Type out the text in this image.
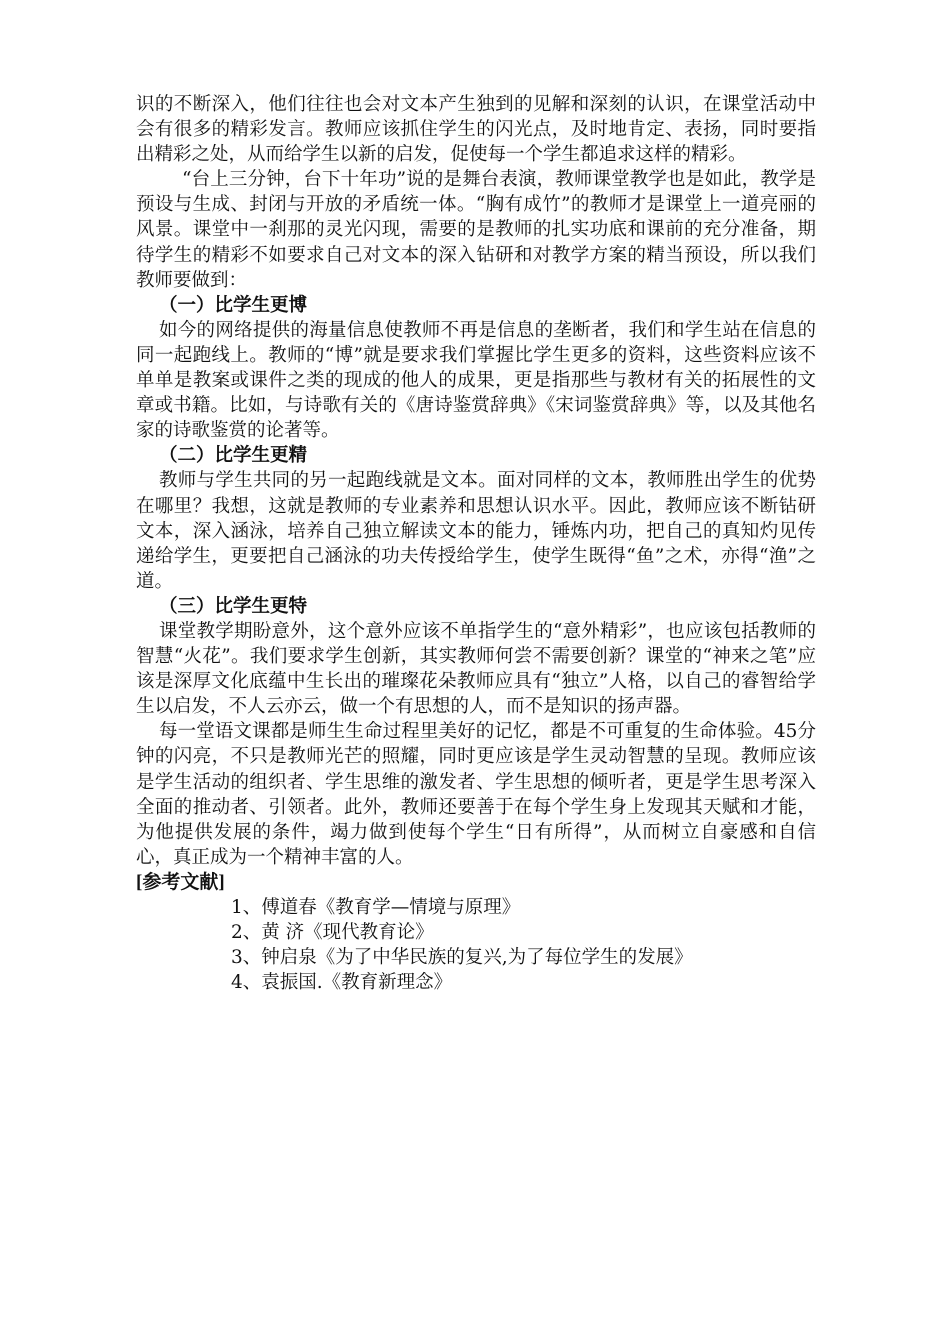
识的不断深入，他们往往也会对文本产生独到的见解和深刻的认识，在课堂活动中会有很多的精彩发言。教师应该抓住学生的闪光点，及时地肯定、表扬，同时要指出精彩之处，从而给学生以新的启发，促使每一个学生都追求这样的精彩。

“台上三分钟，台下十年功”说的是舞台表演，教师课堂教学也是如此，教学是预设与生成、封闭与开放的矛盾统一体。“胸有成竹”的教师才是课堂上一道亮丽的风景。课堂中一刹那的灵光闪现，需要的是教师的扎实功底和课前的充分准备，期待学生的精彩不如要求自己对文本的深入钻研和对教学方案的精当预设，所以我们教师要做到：

（一）比学生更博

如今的网络提供的海量信息使教师不再是信息的垄断者，我们和学生站在信息的同一起跑线上。教师的“博”就是要求我们掌握比学生更多的资料，这些资料应该不单单是教案或课件之类的现成的他人的成果，更是指那些与教材有关的拓展性的文章或书籍。比如，与诗歌有关的《唐诗鉴赏辞典》《宋词鉴赏辞典》等，以及其他名家的诗歌鉴赏的论著等。

（二）比学生更精

教师与学生共同的另一起跑线就是文本。面对同样的文本，教师胜出学生的优势在哪里？我想，这就是教师的专业素养和思想认识水平。因此，教师应该不断钻研文本，深入涵泳，培养自己独立解读文本的能力，锤炼内功，把自己的真知灼见传递给学生，更要把自己涵泳的功夫传授给学生，使学生既得“鱼”之术，亦得“渔”之道。

（三）比学生更特

课堂教学期盼意外，这个意外应该不单指学生的“意外精彩”，也应该包括教师的智慧“火花”。我们要求学生创新，其实教师何尝不需要创新？课堂的“神来之笔”应该是深厚文化底蕴中生长出的璀璨花朵教师应具有“独立”人格，以自己的睿智给学生以启发，不人云亦云，做一个有思想的人，而不是知识的扬声器。

每一堂语文课都是师生生命过程里美好的记忆，都是不可重复的生命体验。45分钟的闪亮，不只是教师光芒的照耀，同时更应该是学生灵动智慧的呈现。教师应该是学生活动的组织者、学生思维的激发者、学生思想的倾听者，更是学生思考深入全面的推动者、引领者。此外，教师还要善于在每个学生身上发现其天赋和才能，为他提供发展的条件，竭力做到使每个学生“日有所得”，从而树立自豪感和自信心，真正成为一个精神丰富的人。

[参考文献]

1、傅道春《教育学—情境与原理》
2、黄 济《现代教育论》
3、钟启泉《为了中华民族的复兴,为了每位学生的发展》
4、袁振国.《教育新理念》
